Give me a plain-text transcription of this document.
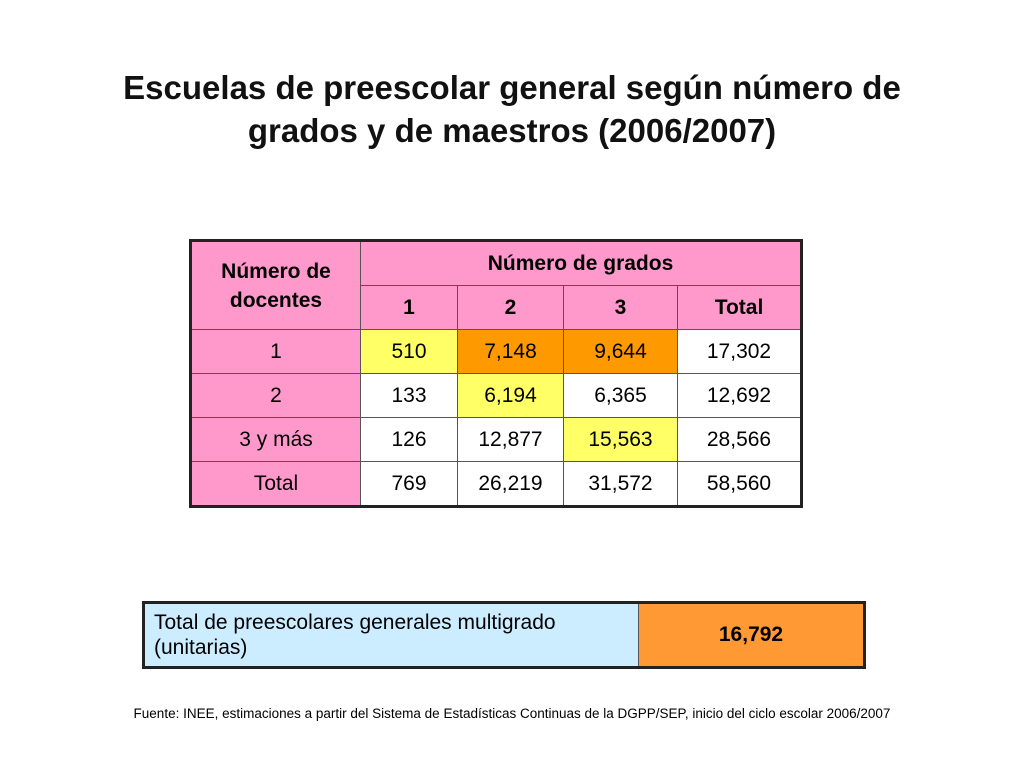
Escuelas de preescolar general según número de
grados y de maestros (2006/2007)
Número de docentes	Número de grados			
	1	2	3	Total
1	510	7,148	9,644	17,302
2	133	6,194	6,365	12,692
3 y más	126	12,877	15,563	28,566
Total	769	26,219	31,572	58,560
Total de preescolares generales multigrado
(unitarias)	16,792
Fuente: INEE, estimaciones a partir del Sistema de Estadísticas Continuas de la DGPP/SEP, inicio del ciclo escolar 2006/2007
